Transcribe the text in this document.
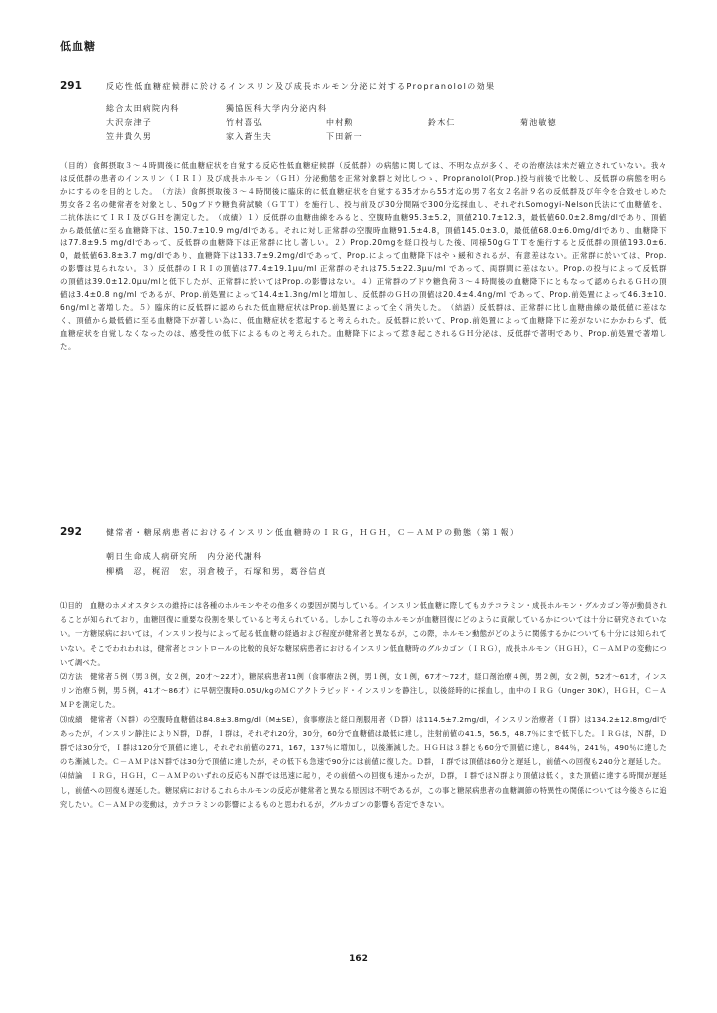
低血糖
291	反応性低血糖症候群に於けるインスリン及び成長ホルモン分泌に対するPropranololの効果
総合太田病院内科	獨協医科大学内分泌内科
大沢奈津子	竹村喜弘	中村勲	鈴木仁	菊池敏徳
笠井貴久男	家入蒼生夫	下田新一

（目的）食餌摂取３～４時間後に低血糖症状を自覚する反応性低血糖症候群（反低群）の病態に関しては、不明な点が多く、その治療法は未だ確立されていない。我々は反低群の患者のインスリン（ＩＲＩ）及び成長ホルモン（ＧＨ）分泌動態を正常対象群と対比しつゝ、Propranolol(Prop.)投与前後で比較し、反低群の病態を明らかにするのを目的とした。　（方法）食餌摂取後３～４時間後に臨床的に低血糖症状を自覚する35才から55才迄の男７名女２名計９名の反低群及び年令を合致せしめた男女各２名の健常者を対象とし、50gブドウ糖負荷試験（ＧＴＴ）を施行し、投与前及び30分間隔で300分迄採血し、それぞれSomogyi-Nelson氏法にて血糖値を、二抗体法にてＩＲＩ及びＧＨを測定した。　（成績）１）反低群の血糖曲線をみると、空腹時血糖95.3±5.2，頂値210.7±12.3，最低値60.0±2.8mg/dlであり、頂値から最低値に至る血糖降下は、150.7±10.9 mg/dlである。それに対し正常群の空腹時血糖91.5±4.8，頂値145.0±3.0，最低値68.0±6.0mg/dlであり、血糖降下は77.8±9.5 mg/dlであって、反低群の血糖降下は正常群に比し著しい。２）Prop.20mgを経口投与した後、同様50gＧＴＴを施行すると反低群の頂値193.0±6.0，最低値63.8±3.7 mg/dlであり、血糖降下は133.7±9.2mg/dlであって、Prop.によって血糖降下はやゝ緩和されるが、有意差はない。正常群に於いては、Prop.の影響は見られない。３）反低群のＩＲＩの頂値は77.4±19.1μu/ml 正常群のそれは75.5±22.3μu/ml であって、両群間に差はない。Prop.の投与によって反低群の頂値は39.0±12.0μu/mlと低下したが、正常群に於いてはProp.の影響はない。４）正常群のブドウ糖負荷３～４時間後の血糖降下にともなって認められるＧＨの頂値は3.4±0.8 ng/ml であるが、Prop.前処置によって14.4±1.3ng/mlと増加し、反低群のＧＨの頂値は20.4±4.4ng/ml であって、Prop.前処置によって46.3±10.6ng/mlと著増した。５）臨床的に反低群に認められた低血糖症状はProp.前処置によって全く消失した。　（結語）反低群は、正常群に比し血糖曲線の最低値に差はなく、頂値から最低値に至る血糖降下が著しい為に、低血糖症状を惹起すると考えられた。反低群に於いて、Prop.前処置によって血糖降下に差がないにかかわらず、低血糖症状を自覚しなくなったのは、感受性の低下によるものと考えられた。血糖降下によって惹き起こされるＧＨ分泌は、反低群で著明であり、Prop.前処置で著増した。

292	健常者・糖尿病患者におけるインスリン低血糖時のＩＲＧ，ＨＧＨ，Ｃ－ＡＭＰの動態（第１報）
朝日生命成人病研究所　内分泌代謝科
柳橋　忍，梶沼　宏，羽倉稜子，石塚和男，葛谷信貞

⑴目的　血糖のホメオスタシスの維持には各種のホルモンやその他多くの要因が関与している。インスリン低血糖に際してもカテコラミン・成長ホルモン・グルカゴン等が動員されることが知られており，血糖回復に重要な役割を果していると考えられている。しかしこれ等のホルモンが血糖回復にどのように貢献しているかについては十分に研究されていない。一方糖尿病においては，インスリン投与によって起る低血糖の経過および程度が健常者と異なるが，この際，ホルモン動態がどのように関係するかについても十分には知られていない。そこでわれわれは，健常者とコントロールの比較的良好な糖尿病患者におけるインスリン低血糖時のグルカゴン（ＩＲＧ），成長ホルモン（ＨＧＨ），Ｃ－ＡＭＰの変動について調べた。

⑵方法　健常者５例（男３例，女２例，20才～22才），糖尿病患者11例（食事療法２例，男１例，女１例，67才～72才，経口剤治療４例，男２例，女２例，52才～61才，インスリン治療５例，男５例，41才～86才）に早朝空腹時0.05U/kgのＭＣアクトラピッド・インスリンを静注し，以後経時的に採血し，血中のＩＲＧ（Unger 30K），ＨＧＨ，Ｃ－ＡＭＰを測定した。

⑶成績　健常者（Ｎ群）の空腹時血糖値は84.8±3.8mg/dl（M±SE），食事療法と経口剤服用者（Ｄ群）は114.5±7.2mg/dl，インスリン治療者（Ｉ群）は134.2±12.8mg/dlであったが，インスリン静注によりＮ群，Ｄ群，Ｉ群は，それぞれ20分，30分，60分で血糖値は最低に達し，注射前値の41.5，56.5，48.7％にまで低下した。ＩＲＧは，Ｎ群，Ｄ群では30分で，Ｉ群は120分で頂値に達し，それぞれ前値の271，167，137％に増加し，以後漸減した。ＨＧＨは３群とも60分で頂値に達し，844％，241％，490％に達したのち漸減した。Ｃ－ＡＭＰはＮ群では30分で頂値に達したが，その低下も急速で90分には前値に復した。Ｄ群，Ｉ群では頂値は60分と遅延し，前値への回復も240分と遅延した。

⑷結論　ＩＲＧ，ＨＧＨ，Ｃ－ＡＭＰのいずれの反応もＮ群では迅速に起り，その前値への回復も速かったが，Ｄ群，Ｉ群ではＮ群より頂値は低く，また頂値に達する時間が遅延し，前値への回復も遅延した。糖尿病におけるこれらホルモンの反応が健常者と異なる原因は不明であるが，この事と糖尿病患者の血糖調節の特異性の関係については今後さらに追究したい。Ｃ－ＡＭＰの変動は，カテコラミンの影響によるものと思われるが，グルカゴンの影響も否定できない。

162
